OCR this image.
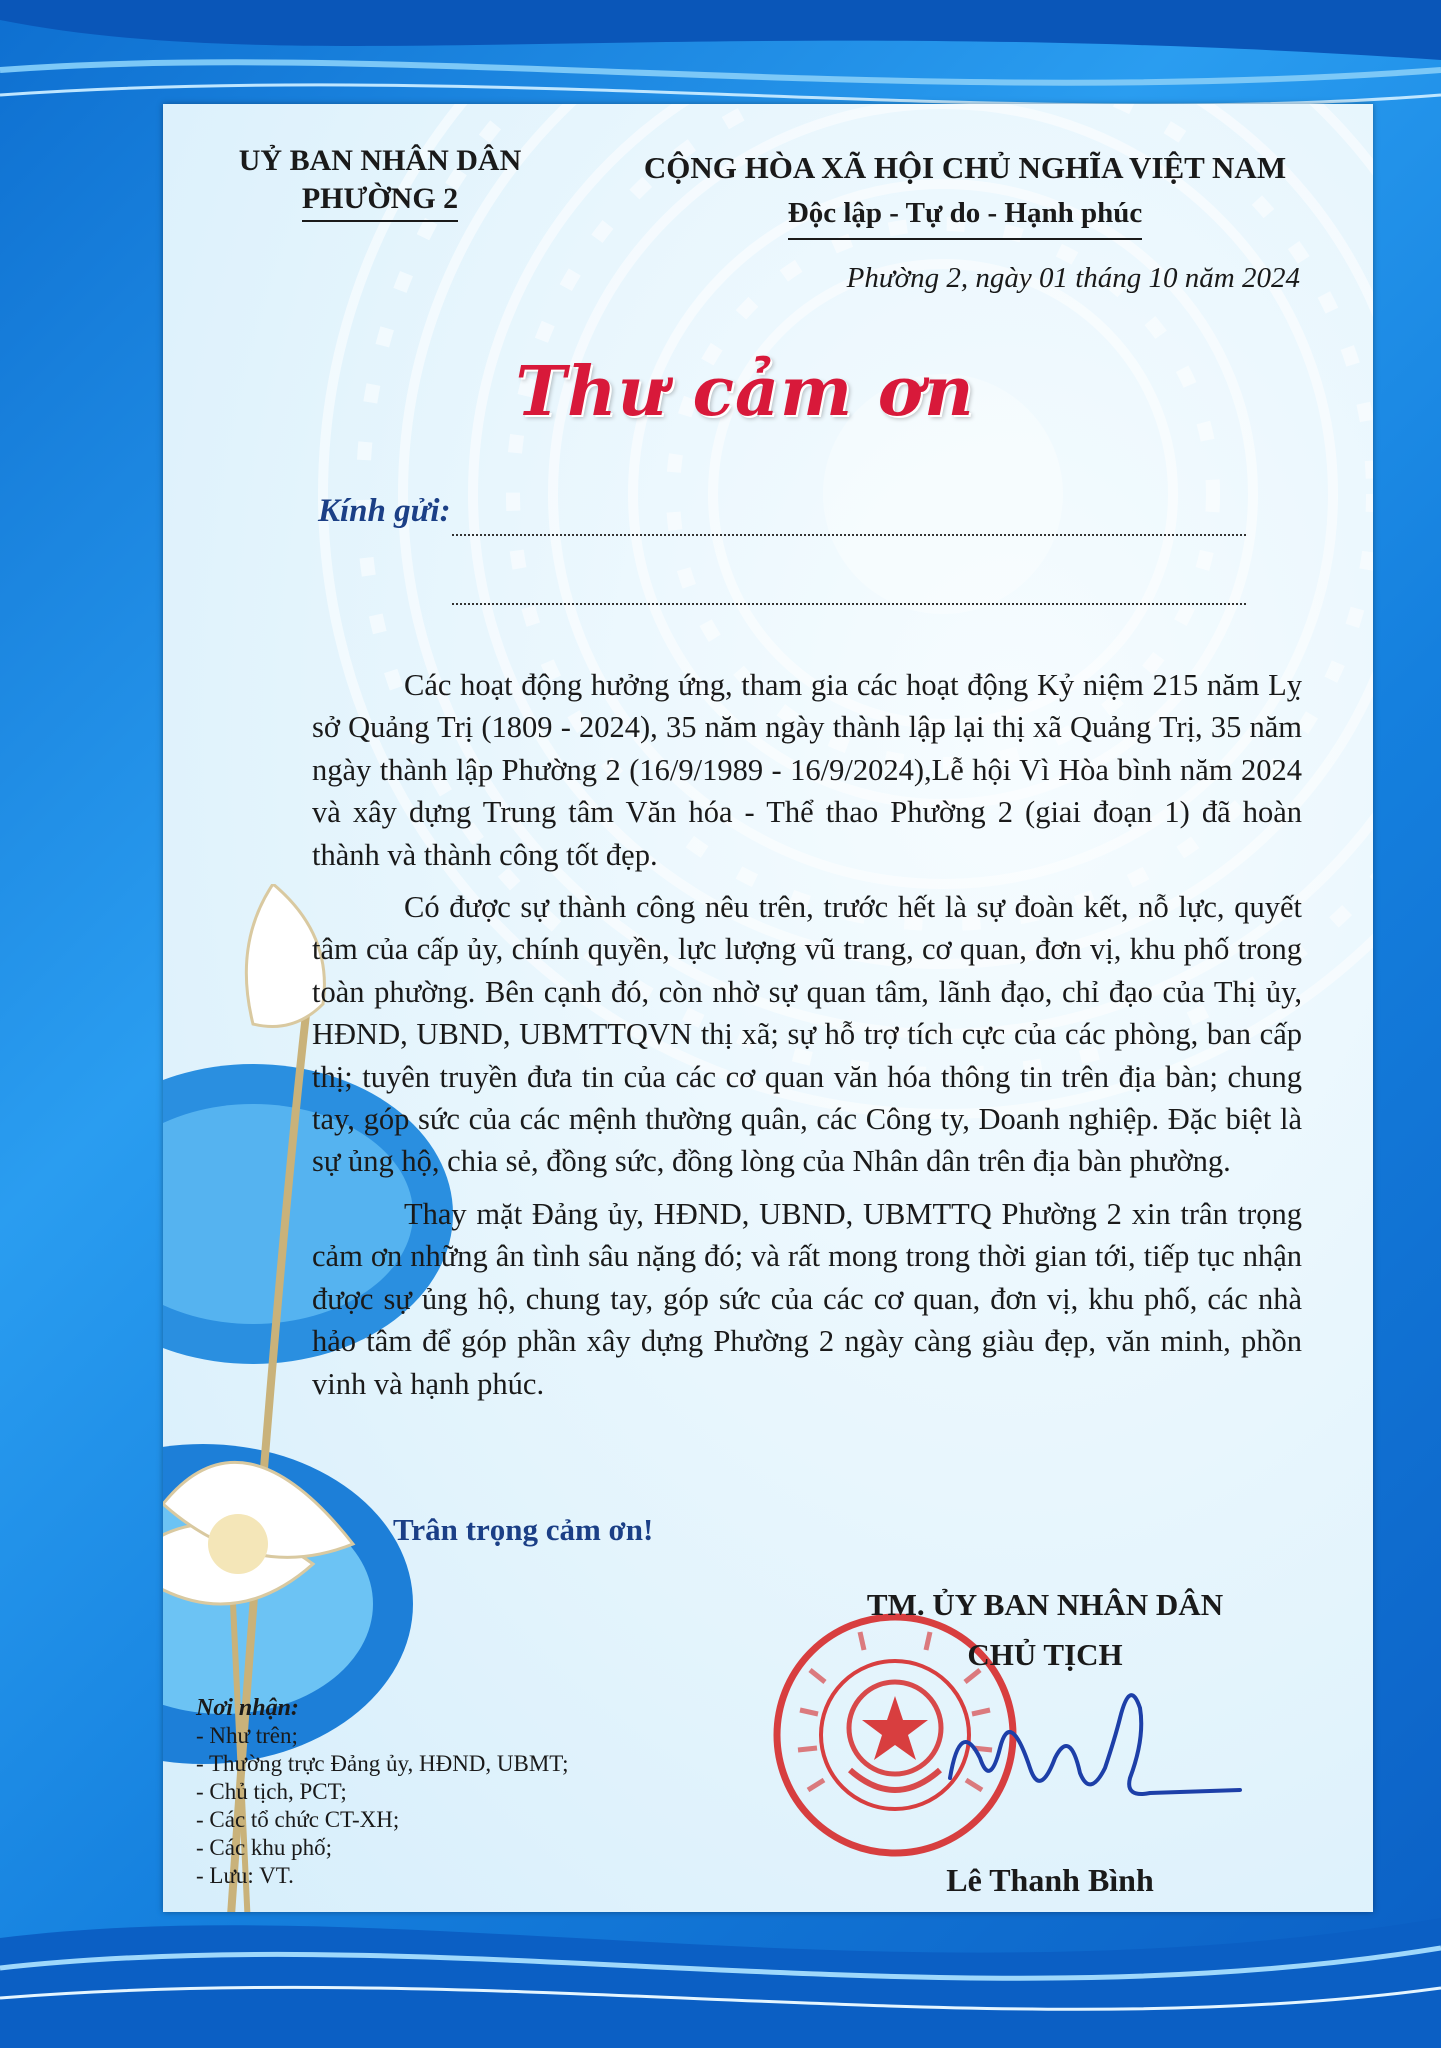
UỶ BAN NHÂN DÂN
PHƯỜNG 2
CỘNG HÒA XÃ HỘI CHỦ NGHĨA VIỆT NAM
Độc lập - Tự do - Hạnh phúc
Phường 2, ngày 01 tháng 10 năm 2024
Thư cảm ơn
Kính gửi:

Các hoạt động hưởng ứng, tham gia các hoạt động Kỷ niệm 215 năm Lỵ sở Quảng Trị (1809 - 2024), 35 năm ngày thành lập lại thị xã Quảng Trị, 35 năm ngày thành lập Phường 2 (16/9/1989 - 16/9/2024),Lễ hội Vì Hòa bình năm 2024 và xây dựng Trung tâm Văn hóa - Thể thao Phường 2 (giai đoạn 1) đã hoàn thành và thành công tốt đẹp.

Có được sự thành công nêu trên, trước hết là sự đoàn kết, nỗ lực, quyết tâm của cấp ủy, chính quyền, lực lượng vũ trang, cơ quan, đơn vị, khu phố trong toàn phường. Bên cạnh đó, còn nhờ sự quan tâm, lãnh đạo, chỉ đạo của Thị ủy, HĐND, UBND, UBMTTQVN thị xã; sự hỗ trợ tích cực của các phòng, ban cấp thị; tuyên truyền đưa tin của các cơ quan văn hóa thông tin trên địa bàn; chung tay, góp sức của các mệnh thường quân, các Công ty, Doanh nghiệp. Đặc biệt là sự ủng hộ, chia sẻ, đồng sức, đồng lòng của Nhân dân trên địa bàn phường.

Thay mặt Đảng ủy, HĐND, UBND, UBMTTQ Phường 2 xin trân trọng cảm ơn những ân tình sâu nặng đó; và rất mong trong thời gian tới, tiếp tục nhận được sự ủng hộ, chung tay, góp sức của các cơ quan, đơn vị, khu phố, các nhà hảo tâm để góp phần xây dựng Phường 2 ngày càng giàu đẹp, văn minh, phồn vinh và hạnh phúc.

Trân trọng cảm ơn!
Nơi nhận:
- Như trên;
- Thường trực Đảng ủy, HĐND, UBMT;
- Chủ tịch, PCT;
- Các tổ chức CT-XH;
- Các khu phố;
- Lưu: VT.
TM. ỦY BAN NHÂN DÂN
CHỦ TỊCH
Lê Thanh Bình
